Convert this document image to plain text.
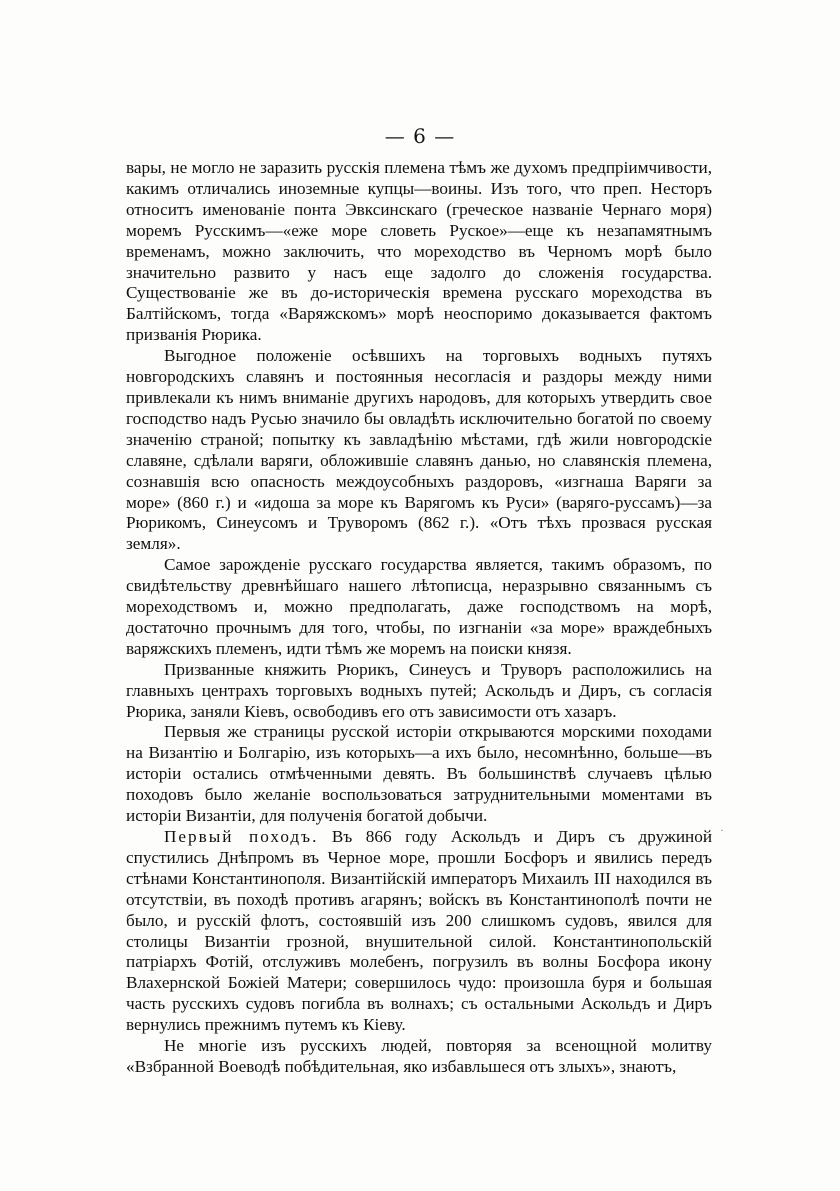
— 6 —

вары, не могло не заразить русскія племена тѣмъ же духомъ предпріимчивости, какимъ отличались иноземные купцы—воины. Изъ того, что преп. Несторъ относитъ именованіе понта Эвксинскаго (греческое названіе Чернаго моря) моремъ Русскимъ—«еже море словеть Руское»—еще къ незапамятнымъ временамъ, можно заключить, что мореходство въ Черномъ морѣ было значительно развито у насъ еще задолго до сложенія государства. Существованіе же въ до-историческія времена русскаго мореходства въ Балтійскомъ, тогда «Варяжскомъ» морѣ неоспоримо доказывается фактомъ призванія Рюрика.

Выгодное положеніе осѣвшихъ на торговыхъ водныхъ путяхъ новгородскихъ славянъ и постоянныя несогласія и раздоры между ними привлекали къ нимъ вниманіе другихъ народовъ, для которыхъ утвердить свое господство надъ Русью значило бы овладѣть исключительно богатой по своему значенію страной; попытку къ завладѣнію мѣстами, гдѣ жили новгородскіе славяне, сдѣлали варяги, обложившіе славянъ данью, но славянскія племена, сознавшія всю опасность междоусобныхъ раздоровъ, «изгнаша Варяги за море» (860 г.) и «идоша за море къ Варягомъ къ Руси» (варяго-руссамъ)—за Рюрикомъ, Синеусомъ и Труворомъ (862 г.). «Отъ тѣхъ прозвася русская земля».

Самое зарожденіе русскаго государства является, такимъ образомъ, по свидѣтельству древнѣйшаго нашего лѣтописца, неразрывно связаннымъ съ мореходствомъ и, можно предполагать, даже господствомъ на морѣ, достаточно прочнымъ для того, чтобы, по изгнаніи «за море» враждебныхъ варяжскихъ племенъ, идти тѣмъ же моремъ на поиски князя.

Призванные княжить Рюрикъ, Синеусъ и Труворъ расположились на главныхъ центрахъ торговыхъ водныхъ путей; Аскольдъ и Диръ, съ согласія Рюрика, заняли Кіевъ, освободивъ его отъ зависимости отъ хазаръ.

Первыя же страницы русской исторіи открываются морскими походами на Византію и Болгарію, изъ которыхъ—а ихъ было, несомнѣнно, больше—въ исторіи остались отмѣченными девять. Въ большинствѣ случаевъ цѣлью походовъ было желаніе воспользоваться затруднительными моментами въ исторіи Византіи, для полученія богатой добычи.

Первый походъ. Въ 866 году Аскольдъ и Диръ съ дружиной спустились Днѣпромъ въ Черное море, прошли Босфоръ и явились передъ стѣнами Константинополя. Византійскій императоръ Михаилъ III находился въ отсутствіи, въ походѣ противъ агарянъ; войскъ въ Константинополѣ почти не было, и русскій флотъ, состоявшій изъ 200 слишкомъ судовъ, явился для столицы Византіи грозной, внушительной силой. Константинопольскій патріархъ Фотій, отслуживъ молебенъ, погрузилъ въ волны Босфора икону Влахернской Божіей Матери; совершилось чудо: произошла буря и большая часть русскихъ судовъ погибла въ волнахъ; съ остальными Аскольдъ и Диръ вернулись прежнимъ путемъ къ Кіеву.

Не многіе изъ русскихъ людей, повторяя за всенощной молитву «Взбранной Воеводѣ побѣдительная, яко избавльшеся отъ злыхъ», знаютъ,

· ·
